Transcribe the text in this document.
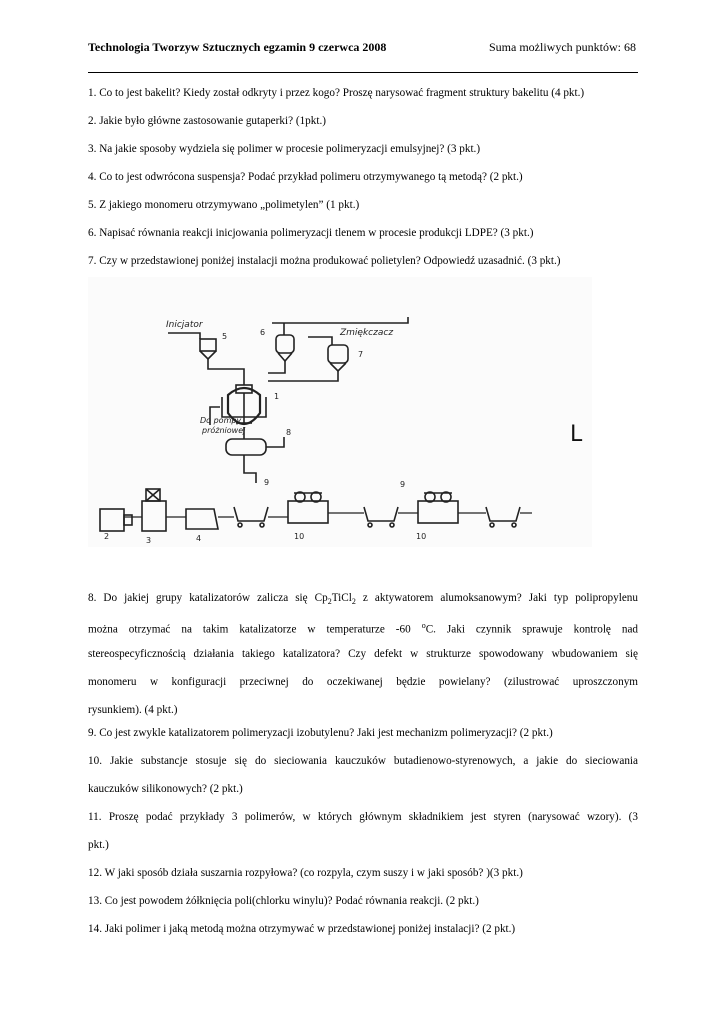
Technologia Tworzyw Sztucznych egzamin 9 czerwca 2008	Suma możliwych punktów: 68
1. Co to jest bakelit? Kiedy został odkryty i przez kogo? Proszę narysować fragment struktury bakelitu (4 pkt.)
2. Jakie było główne zastosowanie gutaperki? (1pkt.)
3. Na jakie sposoby wydziela się polimer w procesie polimeryzacji emulsyjnej? (3 pkt.)
4. Co to jest odwrócona suspensja? Podać przykład polimeru otrzymywanego tą metodą? (2 pkt.)
5. Z jakiego monomeru otrzymywano „polimetylen” (1 pkt.)
6. Napisać równania reakcji inicjowania polimeryzacji tlenem w procesie produkcji LDPE? (3 pkt.)
7. Czy w przedstawionej poniżej instalacji można produkować polietylen? Odpowiedź uzasadnić. (3 pkt.)
Inicjator
5	6	Zmiękczacz
7
1
Do pompy
próżniowej	8
9
2	3	4	10
9
10
L
8. Do jakiej grupy katalizatorów zalicza się $Cp_2TiCl_2$ z aktywatorem alumoksanowym? Jaki typ polipropylenu
można otrzymać na takim katalizatorze w temperaturze -60 $^o$C. Jaki czynnik sprawuje kontrolę nad
stereospecyficznością działania takiego katalizatora? Czy defekt w strukturze spowodowany wbudowaniem się
monomeru w konfiguracji przeciwnej do oczekiwanej będzie powielany? (zilustrować uproszczonym
rysunkiem). (4 pkt.)
9. Co jest zwykle katalizatorem polimeryzacji izobutylenu? Jaki jest mechanizm polimeryzacji? (2 pkt.)
10. Jakie substancje stosuje się do sieciowania kauczuków butadienowo-styrenowych, a jakie do sieciowania
kauczuków silikonowych? (2 pkt.)
11. Proszę podać przykłady 3 polimerów, w których głównym składnikiem jest styren (narysować wzory). (3
pkt.)
12. W jaki sposób działa suszarnia rozpyłowa? (co rozpyla, czym suszy i w jaki sposób? )(3 pkt.)
13. Co jest powodem żółknięcia poli(chlorku winylu)? Podać równania reakcji. (2 pkt.)
14. Jaki polimer i jaką metodą można otrzymywać w przedstawionej poniżej instalacji? (2 pkt.)
